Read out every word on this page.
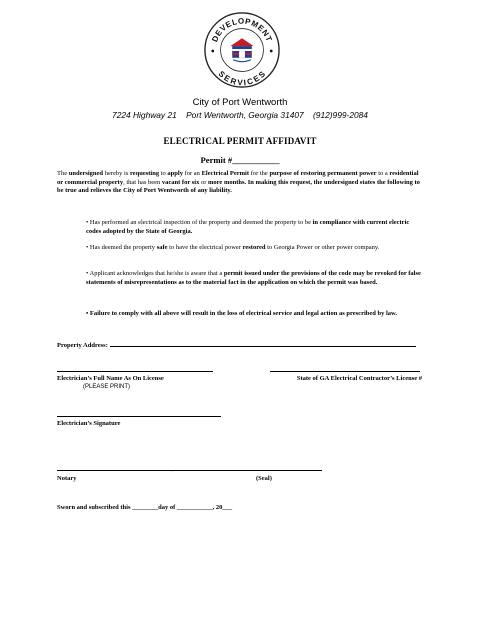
DEVELOPMENT
SERVICES
City of Port Wentworth
7224 Highway 21    Port Wentworth, Georgia 31407    (912)999-2084
ELECTRICAL PERMIT AFFIDAVIT
Permit #___________
The undersigned hereby is requesting to apply for an Electrical Permit for the purpose of restoring permanent power to a residential or commercial property, that has been vacant for six or more months. In making this request, the undersigned states the following to be true and relieves the City of Port Wentworth of any liability.

• Has performed an electrical inspection of the property and deemed the property to be in compliance with current electric codes adopted by the State of Georgia.

• Has deemed the property safe to have the electrical power restored to Georgia Power or other power company.

• Applicant acknowledges that he/she is aware that a permit issued under the provisions of the code may be revoked for false statements of misrepresentations as to the material fact in the application on which the permit was based.

• Failure to comply with all above will result in the loss of electrical service and legal action as prescribed by law.

Property Address:
Electrician’s Full Name As On License
(PLEASE PRINT)
State of GA Electrical Contractor’s License #
Electrician’s Signature
Notary
'
(Seal)
Sworn and subscribed this ________day of ___________, 20___
